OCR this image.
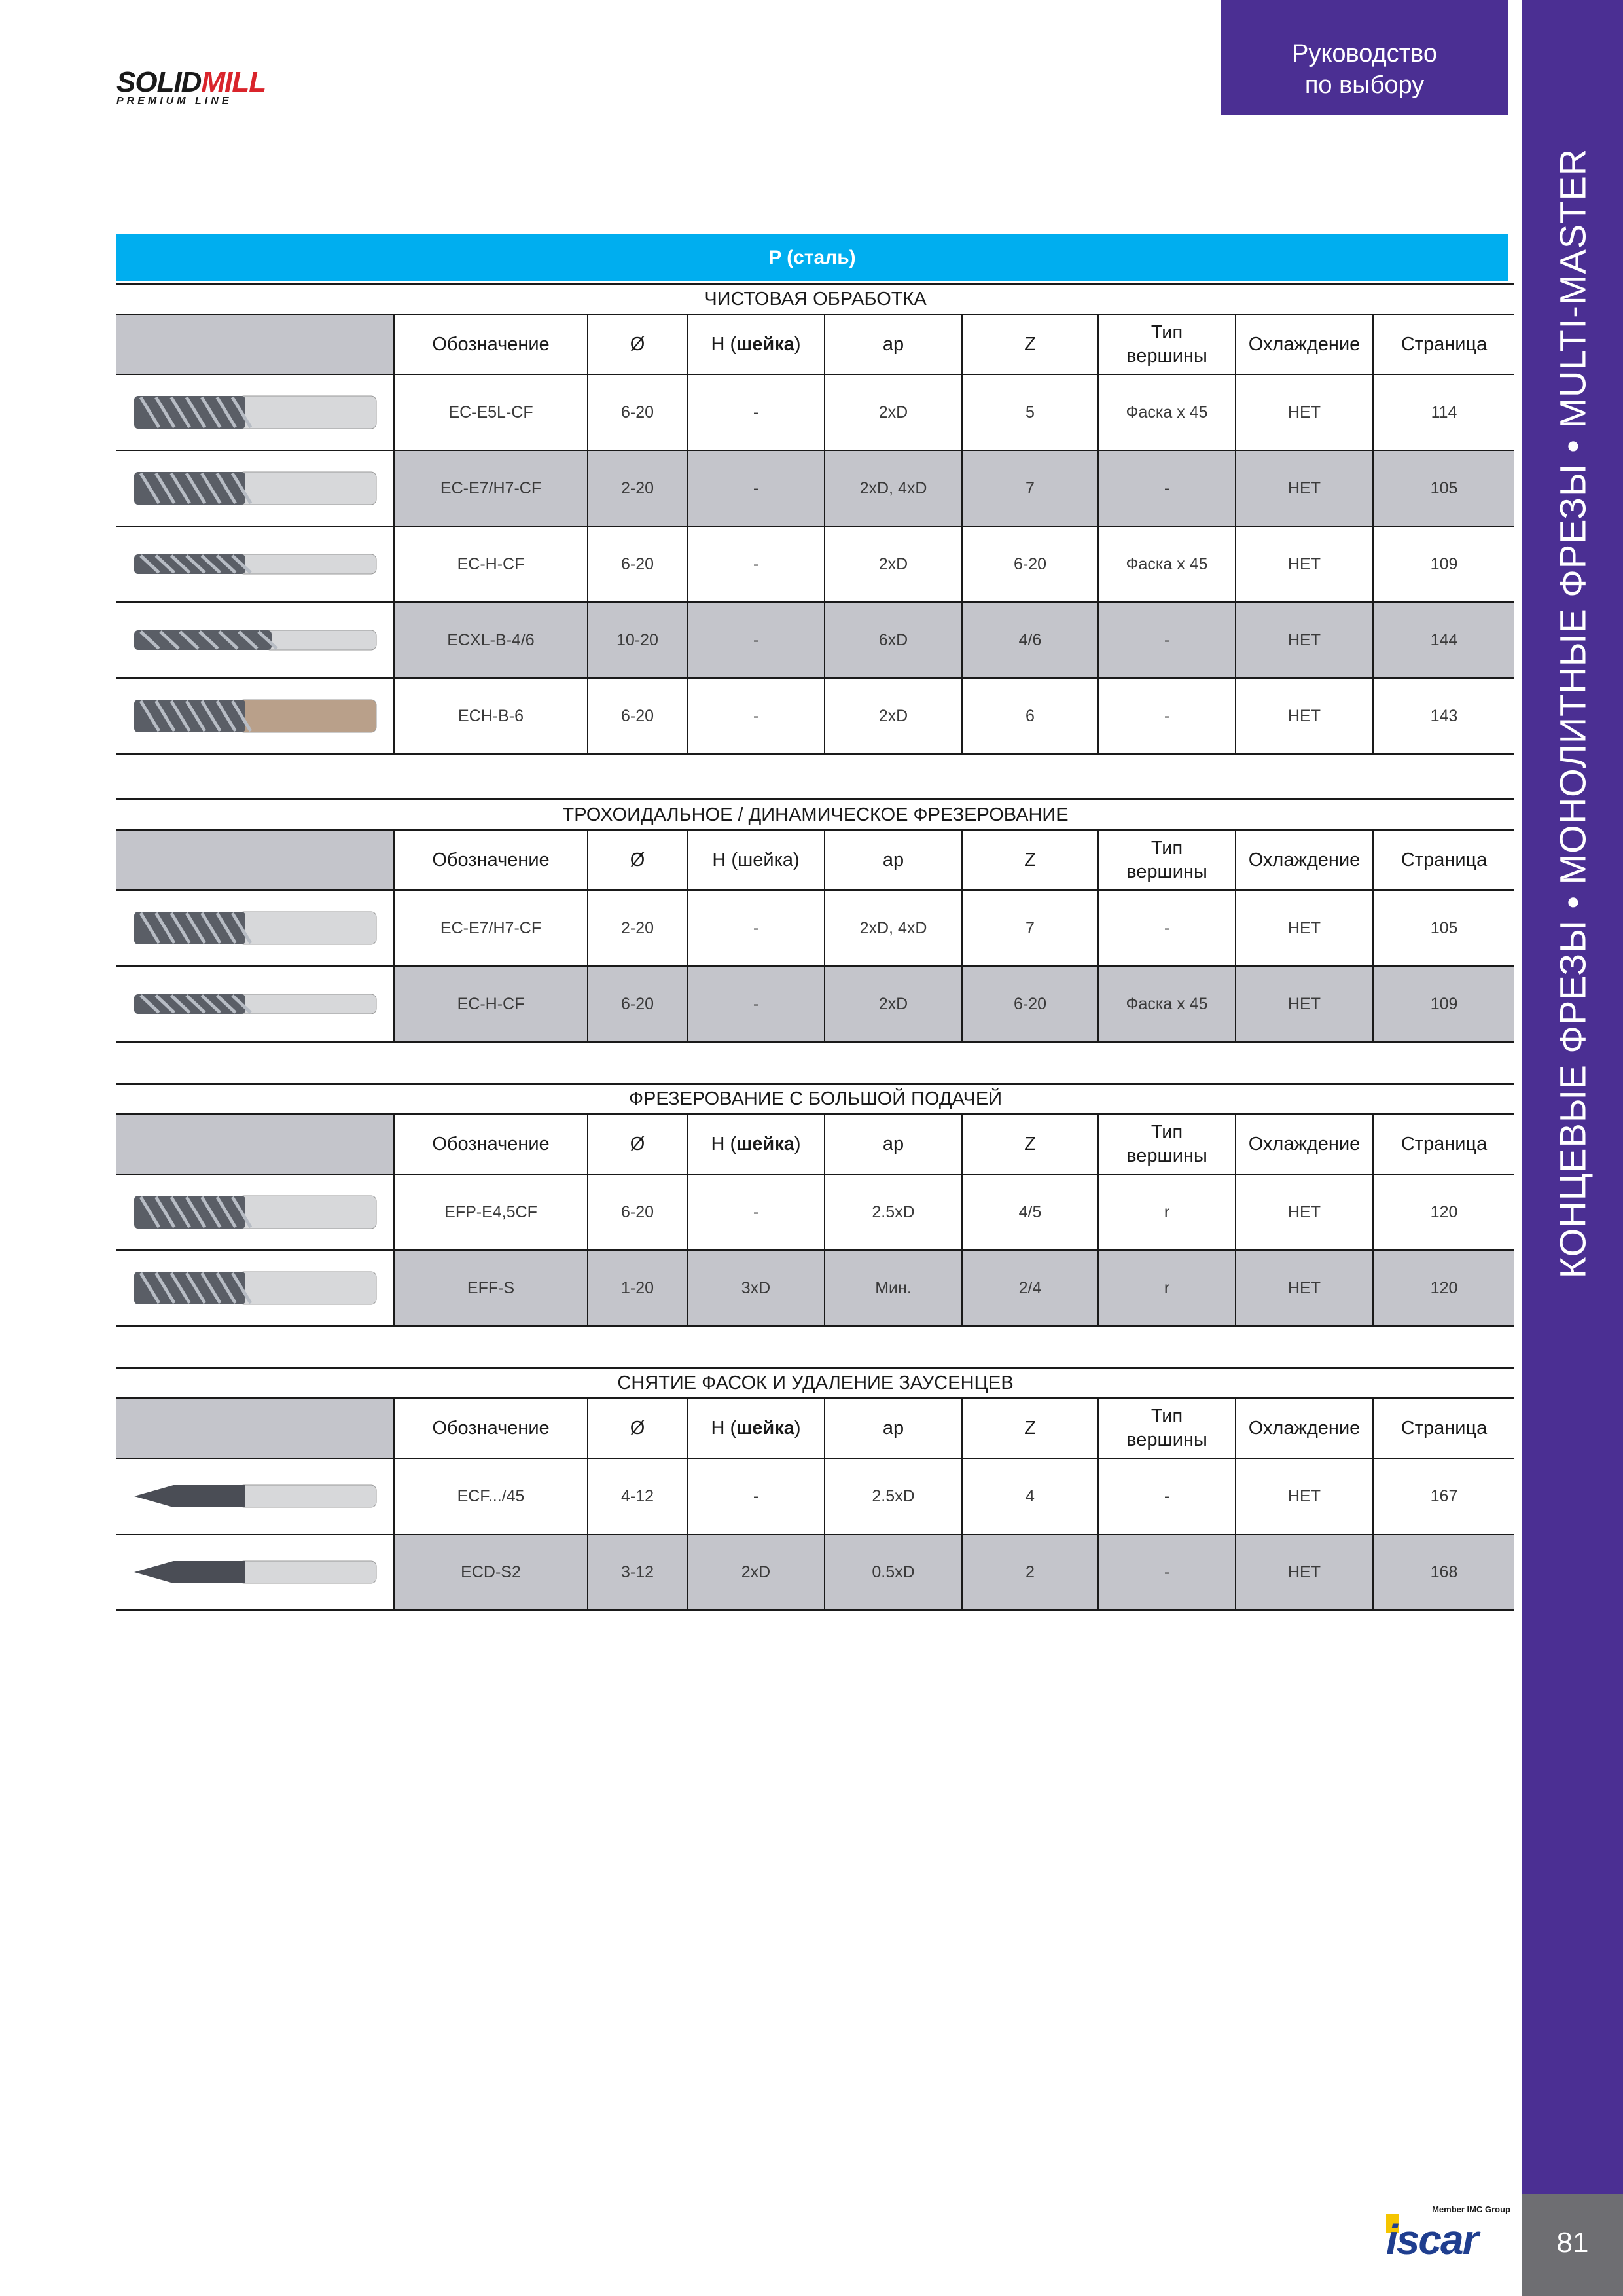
SOLIDMILL
PREMIUM LINE
Руководство
по выбору
КОНЦЕВЫЕ ФРЕЗЫ • МОНОЛИТНЫЕ ФРЕЗЫ • MULTI-MASTER
81
P (сталь)
ЧИСТОВАЯ ОБРАБОТКА								
	Обозначение	Ø	H (шейка)	ap	Z	Тип
вершины	Охлаждение	Страница

	EC-E5L-CF	6-20	-	2xD	5	Фаска x 45	НЕТ	114

	EC-E7/H7-CF	2-20	-	2xD, 4xD	7	-	НЕТ	105

	EC-H-CF	6-20	-	2xD	6-20	Фаска x 45	НЕТ	109

	ECXL-B-4/6	10-20	-	6xD	4/6	-	НЕТ	144

	ECH-B-6	6-20	-	2xD	6	-	НЕТ	143
ТРОХОИДАЛЬНОЕ / ДИНАМИЧЕСКОЕ ФРЕЗЕРОВАНИЕ								
	Обозначение	Ø	H (шейка)	ap	Z	Тип
вершины	Охлаждение	Страница

	EC-E7/H7-CF	2-20	-	2xD, 4xD	7	-	НЕТ	105

	EC-H-CF	6-20	-	2xD	6-20	Фаска x 45	НЕТ	109
ФРЕЗЕРОВАНИЕ С БОЛЬШОЙ ПОДАЧЕЙ								
	Обозначение	Ø	H (шейка)	ap	Z	Тип
вершины	Охлаждение	Страница

	EFP-E4,5CF	6-20	-	2.5xD	4/5	r	НЕТ	120

	EFF-S	1-20	3xD	Мин.	2/4	r	НЕТ	120
СНЯТИЕ ФАСОК И УДАЛЕНИЕ ЗАУСЕНЦЕВ								
	Обозначение	Ø	H (шейка)	ap	Z	Тип
вершины	Охлаждение	Страница

	ECF.../45	4-12	-	2.5xD	4	-	НЕТ	167

	ECD-S2	3-12	2xD	0.5xD	2	-	НЕТ	168
Member IMC Group
iscar
